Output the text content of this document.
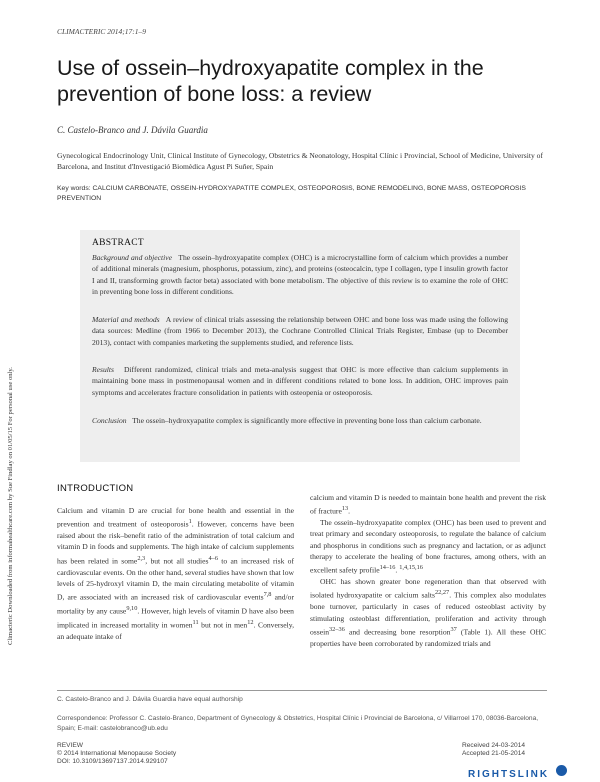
CLIMACTERIC 2014;17:1–9
Use of ossein–hydroxyapatite complex in the prevention of bone loss: a review
C. Castelo-Branco and J. Dávila Guardia
Gynecological Endocrinology Unit, Clinical Institute of Gynecology, Obstetrics & Neonatology, Hospital Clínic i Provincial, School of Medicine, University of Barcelona, and Institut d'Investigació Biomèdica Agust Pi Suñer, Spain
Key words: CALCIUM CARBONATE, OSSEIN-HYDROXYAPATITE COMPLEX, OSTEOPOROSIS, BONE REMODELING, BONE MASS, OSTEOPOROSIS PREVENTION
Climacteric Downloaded from informahealthcare.com by Sue Findlay on 01/05/15 For personal use only.
ABSTRACT
Background and objective The ossein–hydroxyapatite complex (OHC) is a microcrystalline form of calcium which provides a number of additional minerals (magnesium, phosphorus, potassium, zinc), and proteins (osteocalcin, type I collagen, type I insulin growth factor I and II, transforming growth factor beta) associated with bone metabolism. The objective of this review is to examine the role of OHC in preventing bone loss in different conditions.
Material and methods A review of clinical trials assessing the relationship between OHC and bone loss was made using the following data sources: Medline (from 1966 to December 2013), the Cochrane Controlled Clinical Trials Register, Embase (up to December 2013), contact with companies marketing the supplements studied, and reference lists.
Results Different randomized, clinical trials and meta-analysis suggest that OHC is more effective than calcium supplements in maintaining bone mass in postmenopausal women and in different conditions related to bone loss. In addition, OHC improves pain symptoms and accelerates fracture consolidation in patients with osteopenia or osteoporosis.
Conclusion The ossein–hydroxyapatite complex is significantly more effective in preventing bone loss than calcium carbonate.
INTRODUCTION

Calcium and vitamin D are crucial for bone health and essential in the prevention and treatment of osteoporosis$^1$. However, concerns have been raised about the risk–benefit ratio of the administration of total calcium and vitamin D in foods and supplements. The high intake of calcium supplements has been related in some$^{2,3}$, but not all studies$^{4-6}$ to an increased risk of cardiovascular events. On the other hand, several studies have shown that low levels of 25-hydroxyl vitamin D, the main circulating metabolite of vitamin D, are associated with an increased risk of cardiovascular events$^{7,8}$ and/or mortality by any cause$^{9,10}$. However, high levels of vitamin D have also been implicated in increased mortality in women$^{11}$ but not in men$^{12}$. Conversely, an adequate intake of

calcium and vitamin D is needed to maintain bone health and prevent the risk of fracture$^{13}$.

The ossein–hydroxyapatite complex (OHC) has been used to prevent and treat primary and secondary osteoporosis, to regulate the balance of calcium and phosphorus in conditions such as pregnancy and lactation, or as adjunct therapy to accelerate the healing of bone fractures, among others, with an excellent safety profile$^{14-16}$. $^{1,4,15,16}$

OHC has shown greater bone regeneration than that observed with isolated hydroxyapatite or calcium salts$^{22,27}$. This complex also modulates bone turnover, particularly in cases of reduced osteoblast activity by stimulating osteoblast differentiation, proliferation and activity through ossein$^{32-36}$ and decreasing bone resorption$^{37}$ (Table 1). All these OHC properties have been corroborated by randomized trials and

C. Castelo-Branco and J. Dávila Guardia have equal authorship
Correspondence: Professor C. Castelo-Branco, Department of Gynecology & Obstetrics, Hospital Clínic i Provincial de Barcelona, c/ Villarroel 170, 08036-Barcelona, Spain; E-mail: castelobranco@ub.edu
REVIEW
© 2014 International Menopause Society
DOI: 10.3109/13697137.2014.929107
Received 24-03-2014
Accepted 21-05-2014
RIGHTSLINK
